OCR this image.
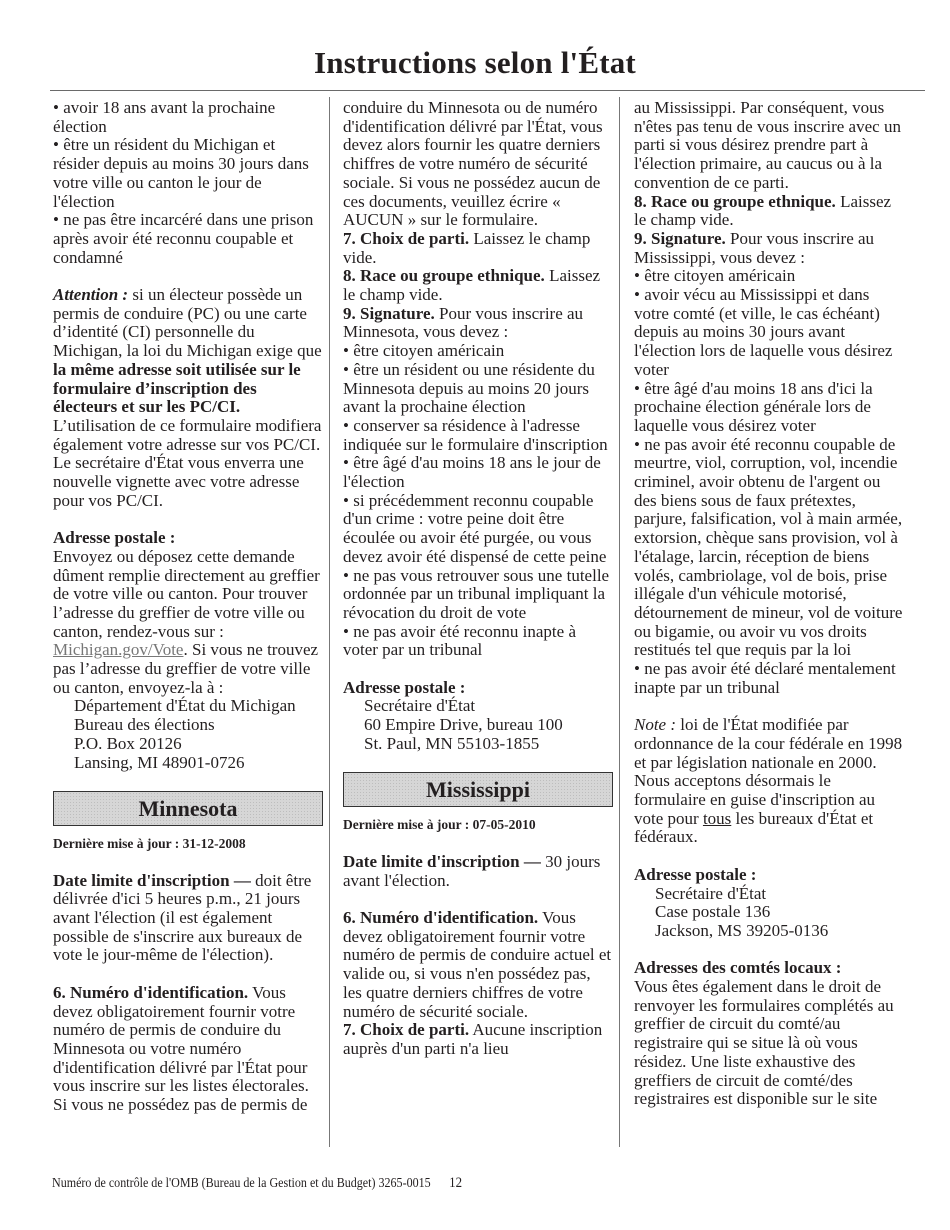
Instructions selon l'État

• avoir 18 ans avant la prochaine élection

• être un résident du Michigan et résider depuis au moins 30 jours dans votre ville ou canton le jour de l'élection

• ne pas être incarcéré dans une prison après avoir été reconnu coupable et condamné

Attention : si un électeur possède un permis de conduire (PC) ou une carte d’identité (CI) personnelle du Michigan, la loi du Michigan exige que la même adresse soit utilisée sur le formulaire d’inscription des électeurs et sur les PC/CI. L’utilisation de ce formulaire modifiera également votre adresse sur vos PC/CI. Le secrétaire d'État vous enverra une nouvelle vignette avec votre adresse pour vos PC/CI.

Adresse postale :

Envoyez ou déposez cette demande dûment remplie directement au greffier de votre ville ou canton. Pour trouver l’adresse du greffier de votre ville ou canton, rendez-vous sur : Michigan.gov/Vote. Si vous ne trouvez pas l’adresse du greffier de votre ville ou canton, envoyez-la à :

Département d'État du Michigan

Bureau des élections

P.O. Box 20126

Lansing, MI 48901-0726

Minnesota

Dernière mise à jour : 31-12-2008

Date limite d'inscription — doit être délivrée d'ici 5 heures p.m., 21 jours avant l'élection (il est également possible de s'inscrire aux bureaux de vote le jour-même de l'élection).

6. Numéro d'identification. Vous devez obligatoirement fournir votre numéro de permis de conduire du Minnesota ou votre numéro d'identification délivré par l'État pour vous inscrire sur les listes électorales. Si vous ne possédez pas de permis de

conduire du Minnesota ou de numéro d'identification délivré par l'État, vous devez alors fournir les quatre derniers chiffres de votre numéro de sécurité sociale. Si vous ne possédez aucun de ces documents, veuillez écrire « AUCUN » sur le formulaire.

7. Choix de parti. Laissez le champ vide.

8. Race ou groupe ethnique. Laissez le champ vide.

9. Signature. Pour vous inscrire au Minnesota, vous devez :

• être citoyen américain

• être un résident ou une résidente du Minnesota depuis au moins 20 jours avant la prochaine élection

• conserver sa résidence à l'adresse indiquée sur le formulaire d'inscription

• être âgé d'au moins 18 ans le jour de l'élection

• si précédemment reconnu coupable d'un crime : votre peine doit être écoulée ou avoir été purgée, ou vous devez avoir été dispensé de cette peine

• ne pas vous retrouver sous une tutelle ordonnée par un tribunal impliquant la révocation du droit de vote

• ne pas avoir été reconnu inapte à voter par un tribunal

Adresse postale :

Secrétaire d'État

60 Empire Drive, bureau 100

St. Paul, MN 55103-1855

Mississippi

Dernière mise à jour : 07-05-2010

Date limite d'inscription — 30 jours avant l'élection.

6. Numéro d'identification. Vous devez obligatoirement fournir votre numéro de permis de conduire actuel et valide ou, si vous n'en possédez pas, les quatre derniers chiffres de votre numéro de sécurité sociale.

7. Choix de parti. Aucune inscription auprès d'un parti n'a lieu

au Mississippi. Par conséquent, vous n'êtes pas tenu de vous inscrire avec un parti si vous désirez prendre part à l'élection primaire, au caucus ou à la convention de ce parti.

8. Race ou groupe ethnique. Laissez le champ vide.

9. Signature. Pour vous inscrire au Mississippi, vous devez :

• être citoyen américain

• avoir vécu au Mississippi et dans votre comté (et ville, le cas échéant) depuis au moins 30 jours avant l'élection lors de laquelle vous désirez voter

• être âgé d'au moins 18 ans d'ici la prochaine élection générale lors de laquelle vous désirez voter

• ne pas avoir été reconnu coupable de meurtre, viol, corruption, vol, incendie criminel, avoir obtenu de l'argent ou des biens sous de faux prétextes, parjure, falsification, vol à main armée, extorsion, chèque sans provision, vol à l'étalage, larcin, réception de biens volés, cambriolage, vol de bois, prise illégale d'un véhicule motorisé, détournement de mineur, vol de voiture ou bigamie, ou avoir vu vos droits restitués tel que requis par la loi

• ne pas avoir été déclaré mentalement inapte par un tribunal

Note : loi de l'État modifiée par ordonnance de la cour fédérale en 1998 et par législation nationale en 2000. Nous acceptons désormais le formulaire en guise d'inscription au vote pour tous les bureaux d'État et fédéraux.

Adresse postale :

Secrétaire d'État

Case postale 136

Jackson, MS 39205-0136

Adresses des comtés locaux :

Vous êtes également dans le droit de renvoyer les formulaires complétés au greffier de circuit du comté/au registraire qui se situe là où vous résidez. Une liste exhaustive des greffiers de circuit de comté/des registraires est disponible sur le site

Numéro de contrôle de l'OMB (Bureau de la Gestion et du Budget) 3265-0015 12
